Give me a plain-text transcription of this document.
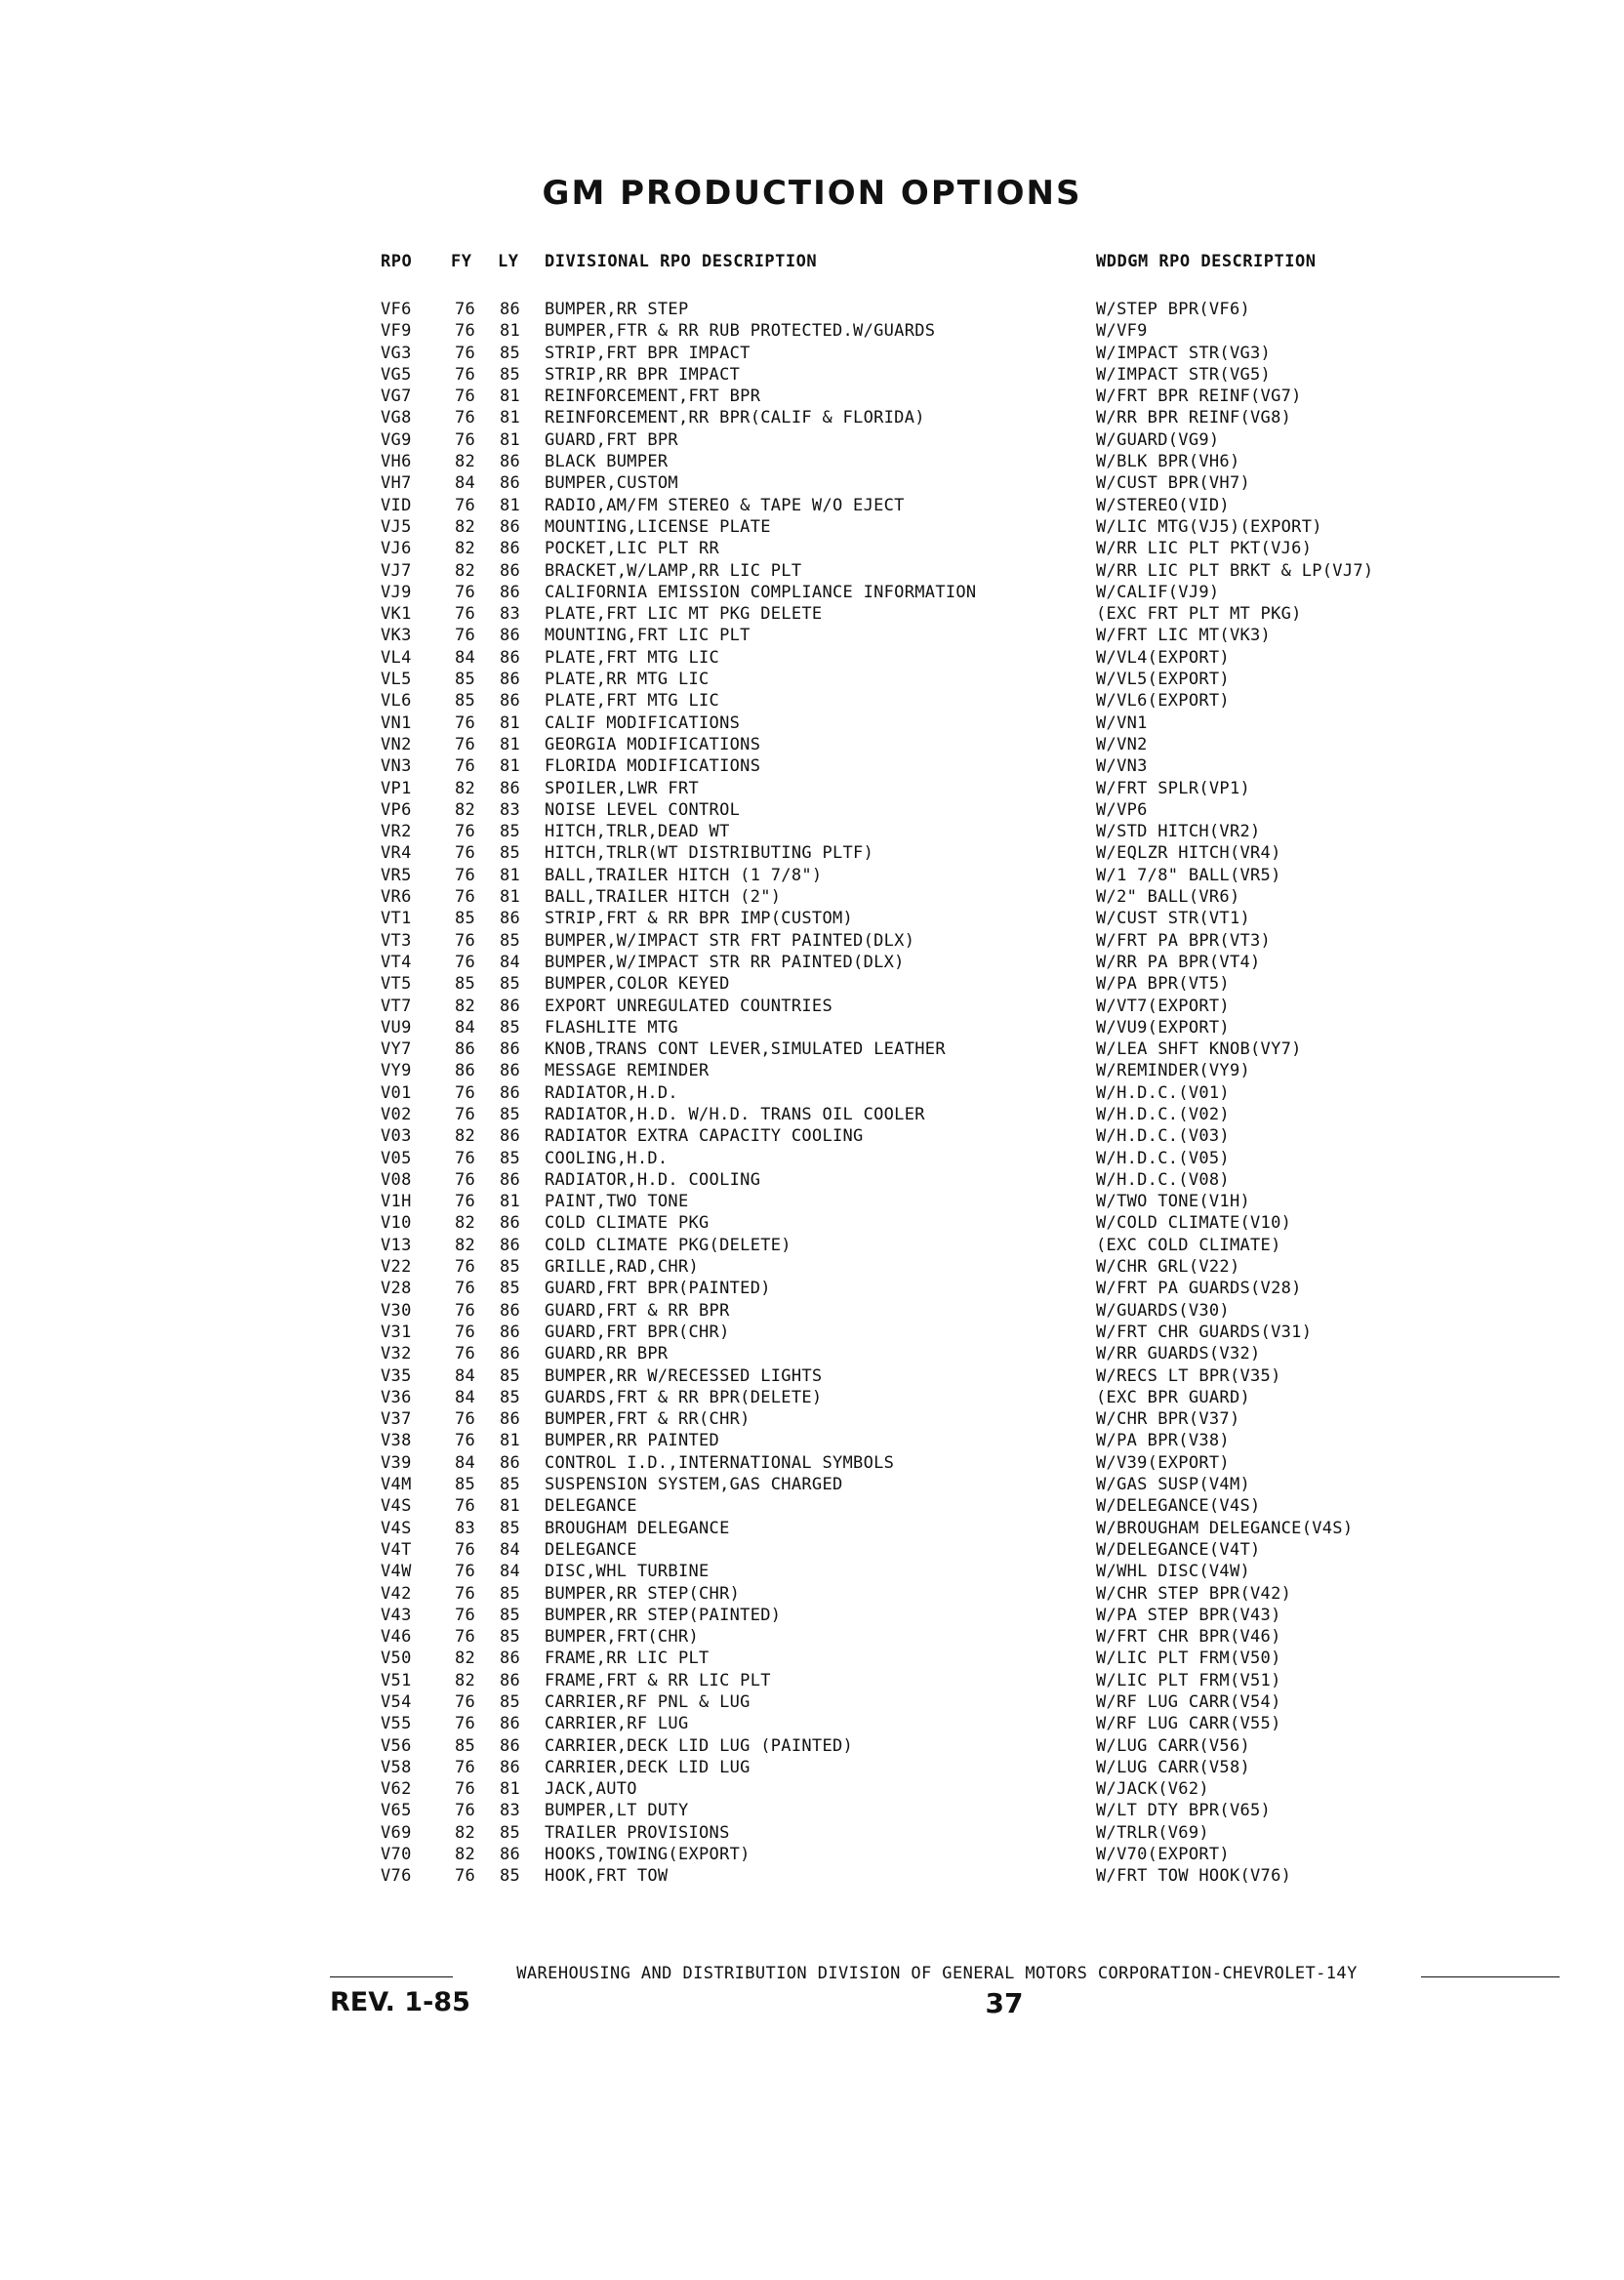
GM PRODUCTION OPTIONS
RPO FY LY DIVISIONAL RPO DESCRIPTION	WDDGM RPO DESCRIPTION
VF6	76 86 BUMPER,RR STEP	W/STEP BPR(VF6)
VF9	76 81 BUMPER,FTR & RR RUB PROTECTED.W/GUARDS	W/VF9
VG3	76 85 STRIP,FRT BPR IMPACT	W/IMPACT STR(VG3)
VG5	76 85 STRIP,RR BPR IMPACT	W/IMPACT STR(VG5)
VG7	76 81 REINFORCEMENT,FRT BPR	W/FRT BPR REINF(VG7)
VG8	76 81 REINFORCEMENT,RR BPR(CALIF & FLORIDA)	W/RR BPR REINF(VG8)
VG9	76 81 GUARD,FRT BPR	W/GUARD(VG9)
VH6	82 86 BLACK BUMPER	W/BLK BPR(VH6)
VH7	84 86 BUMPER,CUSTOM	W/CUST BPR(VH7)
VID	76 81 RADIO,AM/FM STEREO & TAPE W/O EJECT	W/STEREO(VID)
VJ5	82 86 MOUNTING,LICENSE PLATE	W/LIC MTG(VJ5)(EXPORT)
VJ6	82 86 POCKET,LIC PLT RR	W/RR LIC PLT PKT(VJ6)
VJ7	82 86 BRACKET,W/LAMP,RR LIC PLT	W/RR LIC PLT BRKT & LP(VJ7)
VJ9	76 86 CALIFORNIA EMISSION COMPLIANCE INFORMATION	W/CALIF(VJ9)
VK1	76 83 PLATE,FRT LIC MT PKG DELETE	(EXC FRT PLT MT PKG)
VK3	76 86 MOUNTING,FRT LIC PLT	W/FRT LIC MT(VK3)
VL4	84 86 PLATE,FRT MTG LIC	W/VL4(EXPORT)
VL5	85 86 PLATE,RR MTG LIC	W/VL5(EXPORT)
VL6	85 86 PLATE,FRT MTG LIC	W/VL6(EXPORT)
VN1	76 81 CALIF MODIFICATIONS	W/VN1
VN2	76 81 GEORGIA MODIFICATIONS	W/VN2
VN3	76 81 FLORIDA MODIFICATIONS	W/VN3
VP1	82 86 SPOILER,LWR FRT	W/FRT SPLR(VP1)
VP6	82 83 NOISE LEVEL CONTROL	W/VP6
VR2	76 85 HITCH,TRLR,DEAD WT	W/STD HITCH(VR2)
VR4	76 85 HITCH,TRLR(WT DISTRIBUTING PLTF)	W/EQLZR HITCH(VR4)
VR5	76 81 BALL,TRAILER HITCH (1 7/8")	W/1 7/8" BALL(VR5)
VR6	76 81 BALL,TRAILER HITCH (2")	W/2" BALL(VR6)
VT1	85 86 STRIP,FRT & RR BPR IMP(CUSTOM)	W/CUST STR(VT1)
VT3	76 85 BUMPER,W/IMPACT STR FRT PAINTED(DLX)	W/FRT PA BPR(VT3)
VT4	76 84 BUMPER,W/IMPACT STR RR PAINTED(DLX)	W/RR PA BPR(VT4)
VT5	85 85 BUMPER,COLOR KEYED	W/PA BPR(VT5)
VT7	82 86 EXPORT UNREGULATED COUNTRIES	W/VT7(EXPORT)
VU9	84 85 FLASHLITE MTG	W/VU9(EXPORT)
VY7	86 86 KNOB,TRANS CONT LEVER,SIMULATED LEATHER	W/LEA SHFT KNOB(VY7)
VY9	86 86 MESSAGE REMINDER	W/REMINDER(VY9)
V01	76 86 RADIATOR,H.D.	W/H.D.C.(V01)
V02	76 85 RADIATOR,H.D. W/H.D. TRANS OIL COOLER	W/H.D.C.(V02)
V03	82 86 RADIATOR EXTRA CAPACITY COOLING	W/H.D.C.(V03)
V05	76 85 COOLING,H.D.	W/H.D.C.(V05)
V08	76 86 RADIATOR,H.D. COOLING	W/H.D.C.(V08)
V1H	76 81 PAINT,TWO TONE	W/TWO TONE(V1H)
V10	82 86 COLD CLIMATE PKG	W/COLD CLIMATE(V10)
V13	82 86 COLD CLIMATE PKG(DELETE)	(EXC COLD CLIMATE)
V22	76 85 GRILLE,RAD,CHR)	W/CHR GRL(V22)
V28	76 85 GUARD,FRT BPR(PAINTED)	W/FRT PA GUARDS(V28)
V30	76 86 GUARD,FRT & RR BPR	W/GUARDS(V30)
V31	76 86 GUARD,FRT BPR(CHR)	W/FRT CHR GUARDS(V31)
V32	76 86 GUARD,RR BPR	W/RR GUARDS(V32)
V35	84 85 BUMPER,RR W/RECESSED LIGHTS	W/RECS LT BPR(V35)
V36	84 85 GUARDS,FRT & RR BPR(DELETE)	(EXC BPR GUARD)
V37	76 86 BUMPER,FRT & RR(CHR)	W/CHR BPR(V37)
V38	76 81 BUMPER,RR PAINTED	W/PA BPR(V38)
V39	84 86 CONTROL I.D.,INTERNATIONAL SYMBOLS	W/V39(EXPORT)
V4M	85 85 SUSPENSION SYSTEM,GAS CHARGED	W/GAS SUSP(V4M)
V4S	76 81 DELEGANCE	W/DELEGANCE(V4S)
V4S	83 85 BROUGHAM DELEGANCE	W/BROUGHAM DELEGANCE(V4S)
V4T	76 84 DELEGANCE	W/DELEGANCE(V4T)
V4W	76 84 DISC,WHL TURBINE	W/WHL DISC(V4W)
V42	76 85 BUMPER,RR STEP(CHR)	W/CHR STEP BPR(V42)
V43	76 85 BUMPER,RR STEP(PAINTED)	W/PA STEP BPR(V43)
V46	76 85 BUMPER,FRT(CHR)	W/FRT CHR BPR(V46)
V50	82 86 FRAME,RR LIC PLT	W/LIC PLT FRM(V50)
V51	82 86 FRAME,FRT & RR LIC PLT	W/LIC PLT FRM(V51)
V54	76 85 CARRIER,RF PNL & LUG	W/RF LUG CARR(V54)
V55	76 86 CARRIER,RF LUG	W/RF LUG CARR(V55)
V56	85 86 CARRIER,DECK LID LUG (PAINTED)	W/LUG CARR(V56)
V58	76 86 CARRIER,DECK LID LUG	W/LUG CARR(V58)
V62	76 81 JACK,AUTO	W/JACK(V62)
V65	76 83 BUMPER,LT DUTY	W/LT DTY BPR(V65)
V69	82 85 TRAILER PROVISIONS	W/TRLR(V69)
V70	82 86 HOOKS,TOWING(EXPORT)	W/V70(EXPORT)
V76	76 85 HOOK,FRT TOW	W/FRT TOW HOOK(V76)
WAREHOUSING AND DISTRIBUTION DIVISION OF GENERAL MOTORS CORPORATION-CHEVROLET-14Y
REV. 1-85	37
